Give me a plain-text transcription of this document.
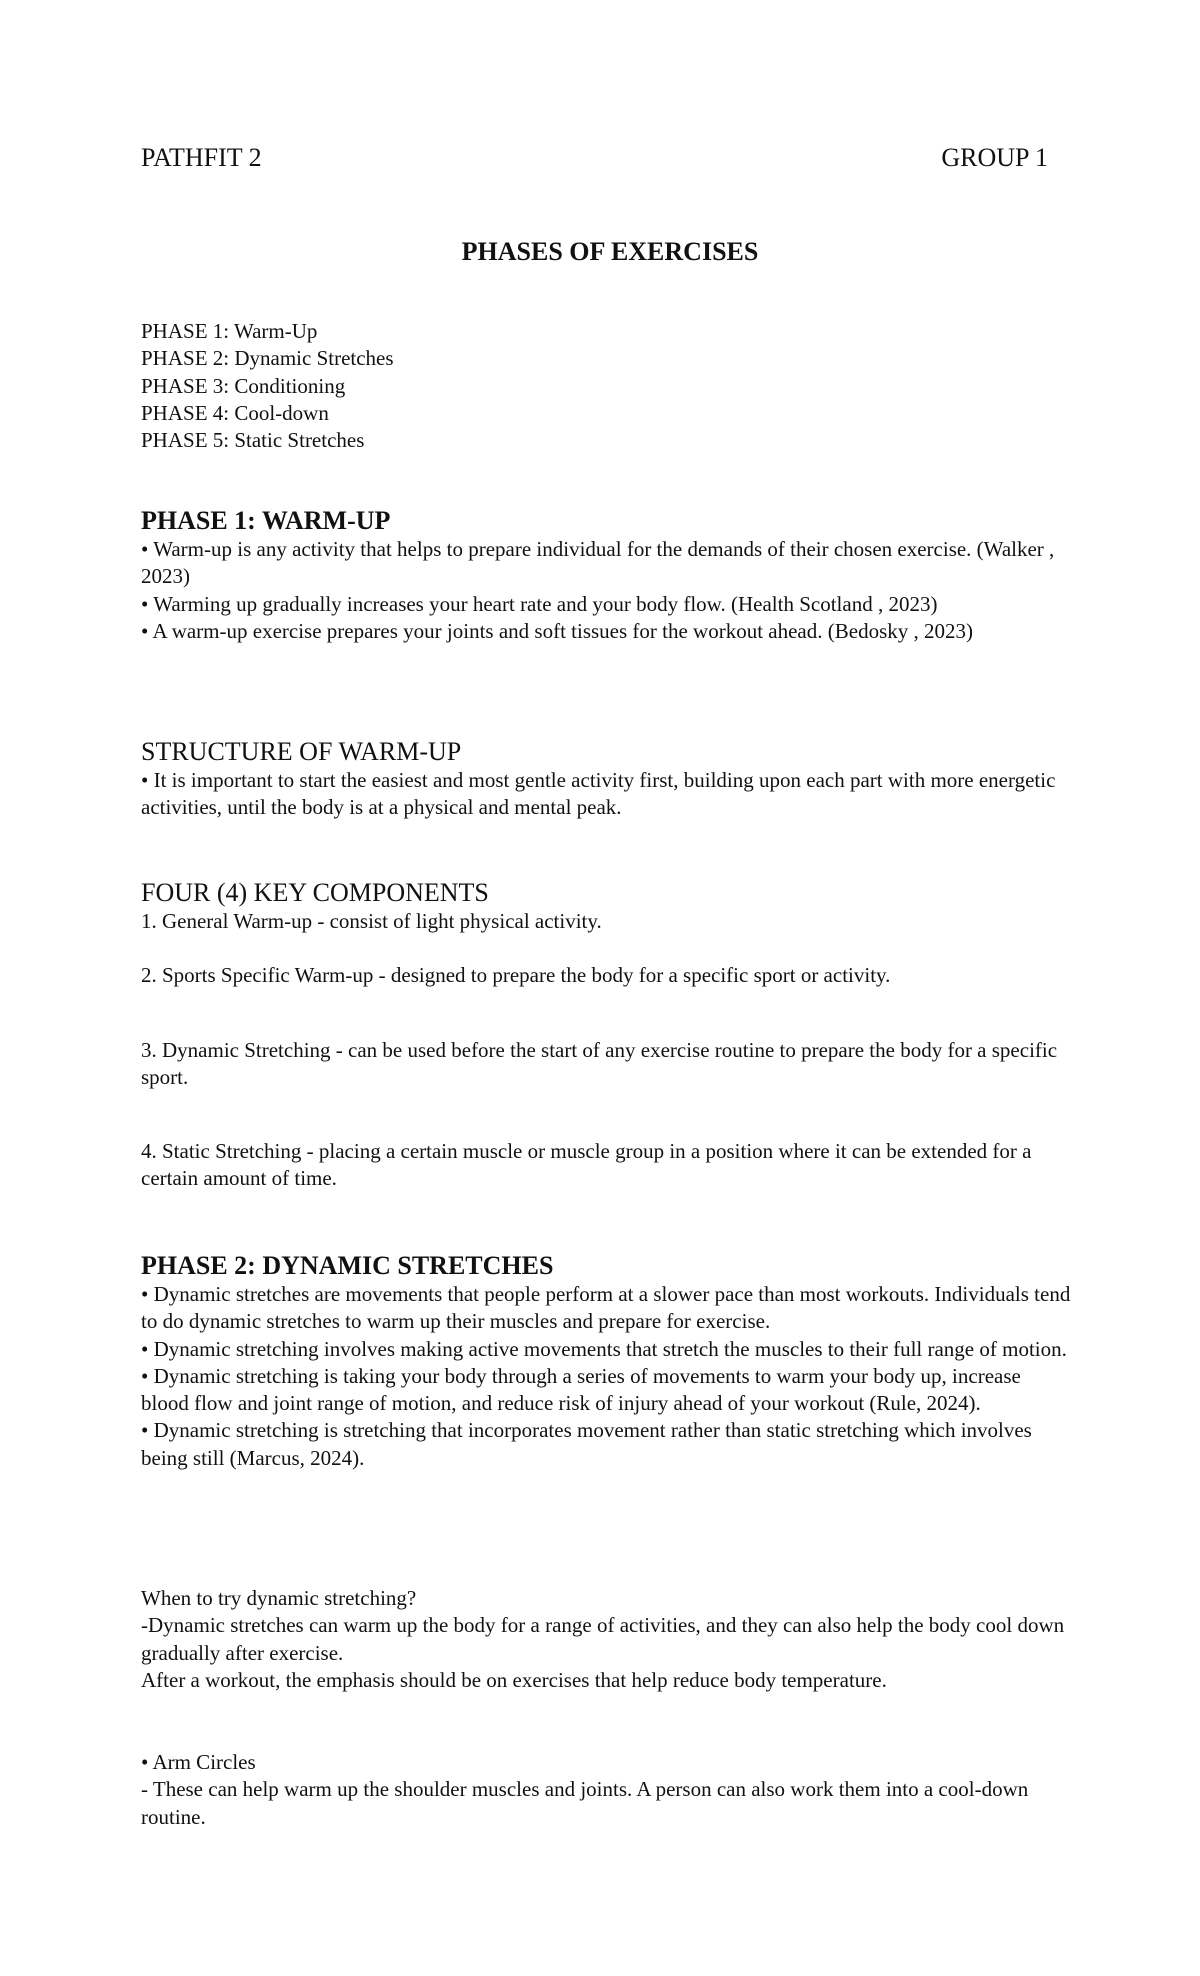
PATHFIT 2	GROUP 1

PHASES OF EXERCISES

PHASE 1: Warm-Up
PHASE 2: Dynamic Stretches
PHASE 3: Conditioning
PHASE 4: Cool-down
PHASE 5: Static Stretches

PHASE 1: WARM-UP

• Warm-up is any activity that helps to prepare individual for the demands of their chosen exercise. (Walker , 2023)

• Warming up gradually increases your heart rate and your body flow. (Health Scotland , 2023)

• A warm-up exercise prepares your joints and soft tissues for the workout ahead. (Bedosky , 2023)

STRUCTURE OF WARM-UP

• It is important to start the easiest and most gentle activity first, building upon each part with more energetic activities, until the body is at a physical and mental peak.

FOUR (4) KEY COMPONENTS

1. General Warm-up - consist of light physical activity.

2. Sports Specific Warm-up - designed to prepare the body for a specific sport or activity.

3. Dynamic Stretching - can be used before the start of any exercise routine to prepare the body for a specific sport.

4. Static Stretching - placing a certain muscle or muscle group in a position where it can be extended for a certain amount of time.

PHASE 2: DYNAMIC STRETCHES

• Dynamic stretches are movements that people perform at a slower pace than most workouts. Individuals tend to do dynamic stretches to warm up their muscles and prepare for exercise.

• Dynamic stretching involves making active movements that stretch the muscles to their full range of motion.

• Dynamic stretching is taking your body through a series of movements to warm your body up, increase blood flow and joint range of motion, and reduce risk of injury ahead of your workout (Rule, 2024).

• Dynamic stretching is stretching that incorporates movement rather than static stretching which involves being still (Marcus, 2024).

When to try dynamic stretching?

-Dynamic stretches can warm up the body for a range of activities, and they can also help the body cool down gradually after exercise.

After a workout, the emphasis should be on exercises that help reduce body temperature.

• Arm Circles

- These can help warm up the shoulder muscles and joints. A person can also work them into a cool-down routine.
